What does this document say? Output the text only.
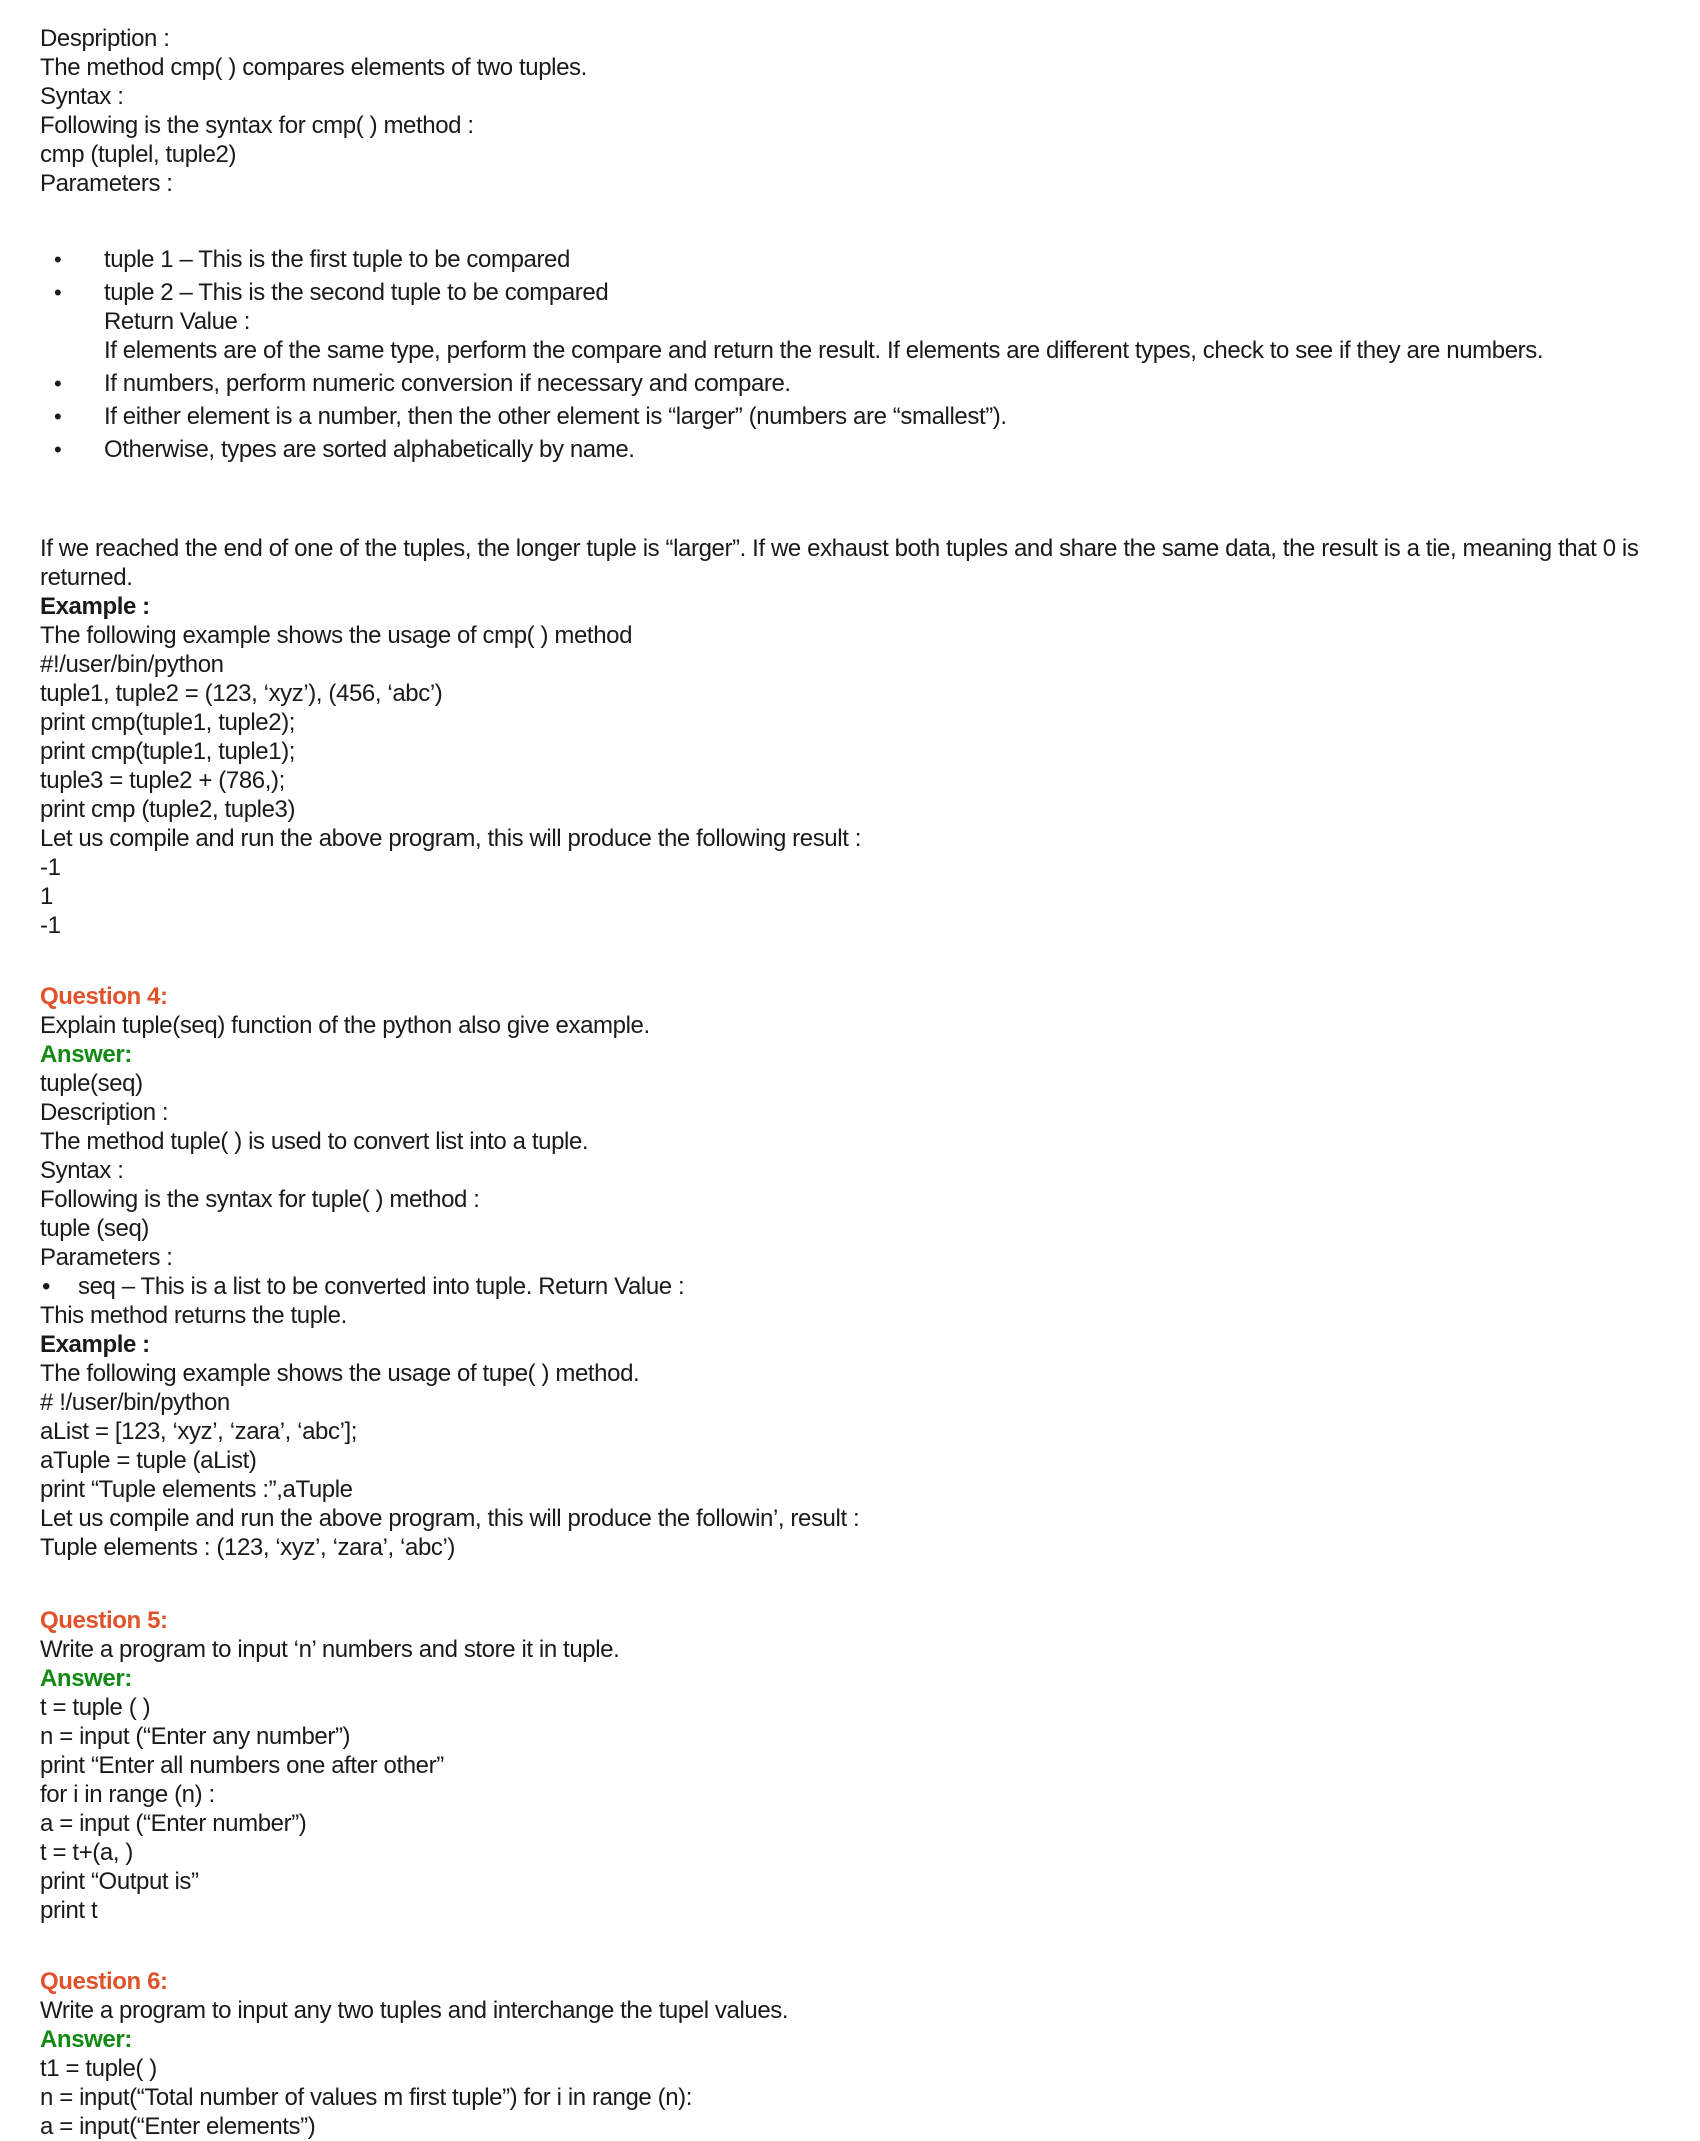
Despription :
The method cmp( ) compares elements of two tuples.
Syntax :
Following is the syntax for cmp( ) method :
cmp (tuplel, tuple2)
Parameters :
• tuple 1 – This is the first tuple to be compared
• tuple 2 – This is the second tuple to be compared
Return Value :
If elements are of the same type, perform the compare and return the result. If elements are different types, check to see if they are numbers.
• If numbers, perform numeric conversion if necessary and compare.
• If either element is a number, then the other element is “larger” (numbers are “smallest”).
• Otherwise, types are sorted alphabetically by name.
If we reached the end of one of the tuples, the longer tuple is “larger”. If we exhaust both tuples and share the same data, the result is a tie, meaning that 0 is returned.
Example :
The following example shows the usage of cmp( ) method
#!/user/bin/python
tuple1, tuple2 = (123, ‘xyz’), (456, ‘abc’)
print cmp(tuple1, tuple2);
print cmp(tuple1, tuple1);
tuple3 = tuple2 + (786,);
print cmp (tuple2, tuple3)
Let us compile and run the above program, this will produce the following result :
-1
1
-1
Question 4:
Explain tuple(seq) function of the python also give example.
Answer:
tuple(seq)
Description :
The method tuple( ) is used to convert list into a tuple.
Syntax :
Following is the syntax for tuple( ) method :
tuple (seq)
Parameters :
• seq – This is a list to be converted into tuple. Return Value :
This method returns the tuple.
Example :
The following example shows the usage of tupe( ) method.
# !/user/bin/python
aList = [123, ‘xyz’, ‘zara’, ‘abc’];
aTuple = tuple (aList)
print “Tuple elements :”,aTuple
Let us compile and run the above program, this will produce the followin’, result :
Tuple elements : (123, ‘xyz’, ‘zara’, ‘abc’)
Question 5:
Write a program to input ‘n’ numbers and store it in tuple.
Answer:
t = tuple ( )
n = input (“Enter any number”)
print “Enter all numbers one after other”
for i in range (n) :
a = input (“Enter number”)
t = t+(a, )
print “Output is”
print t
Question 6:
Write a program to input any two tuples and interchange the tupel values.
Answer:
t1 = tuple( )
n = input(“Total number of values m first tuple”) for i in range (n):
a = input(“Enter elements”)
